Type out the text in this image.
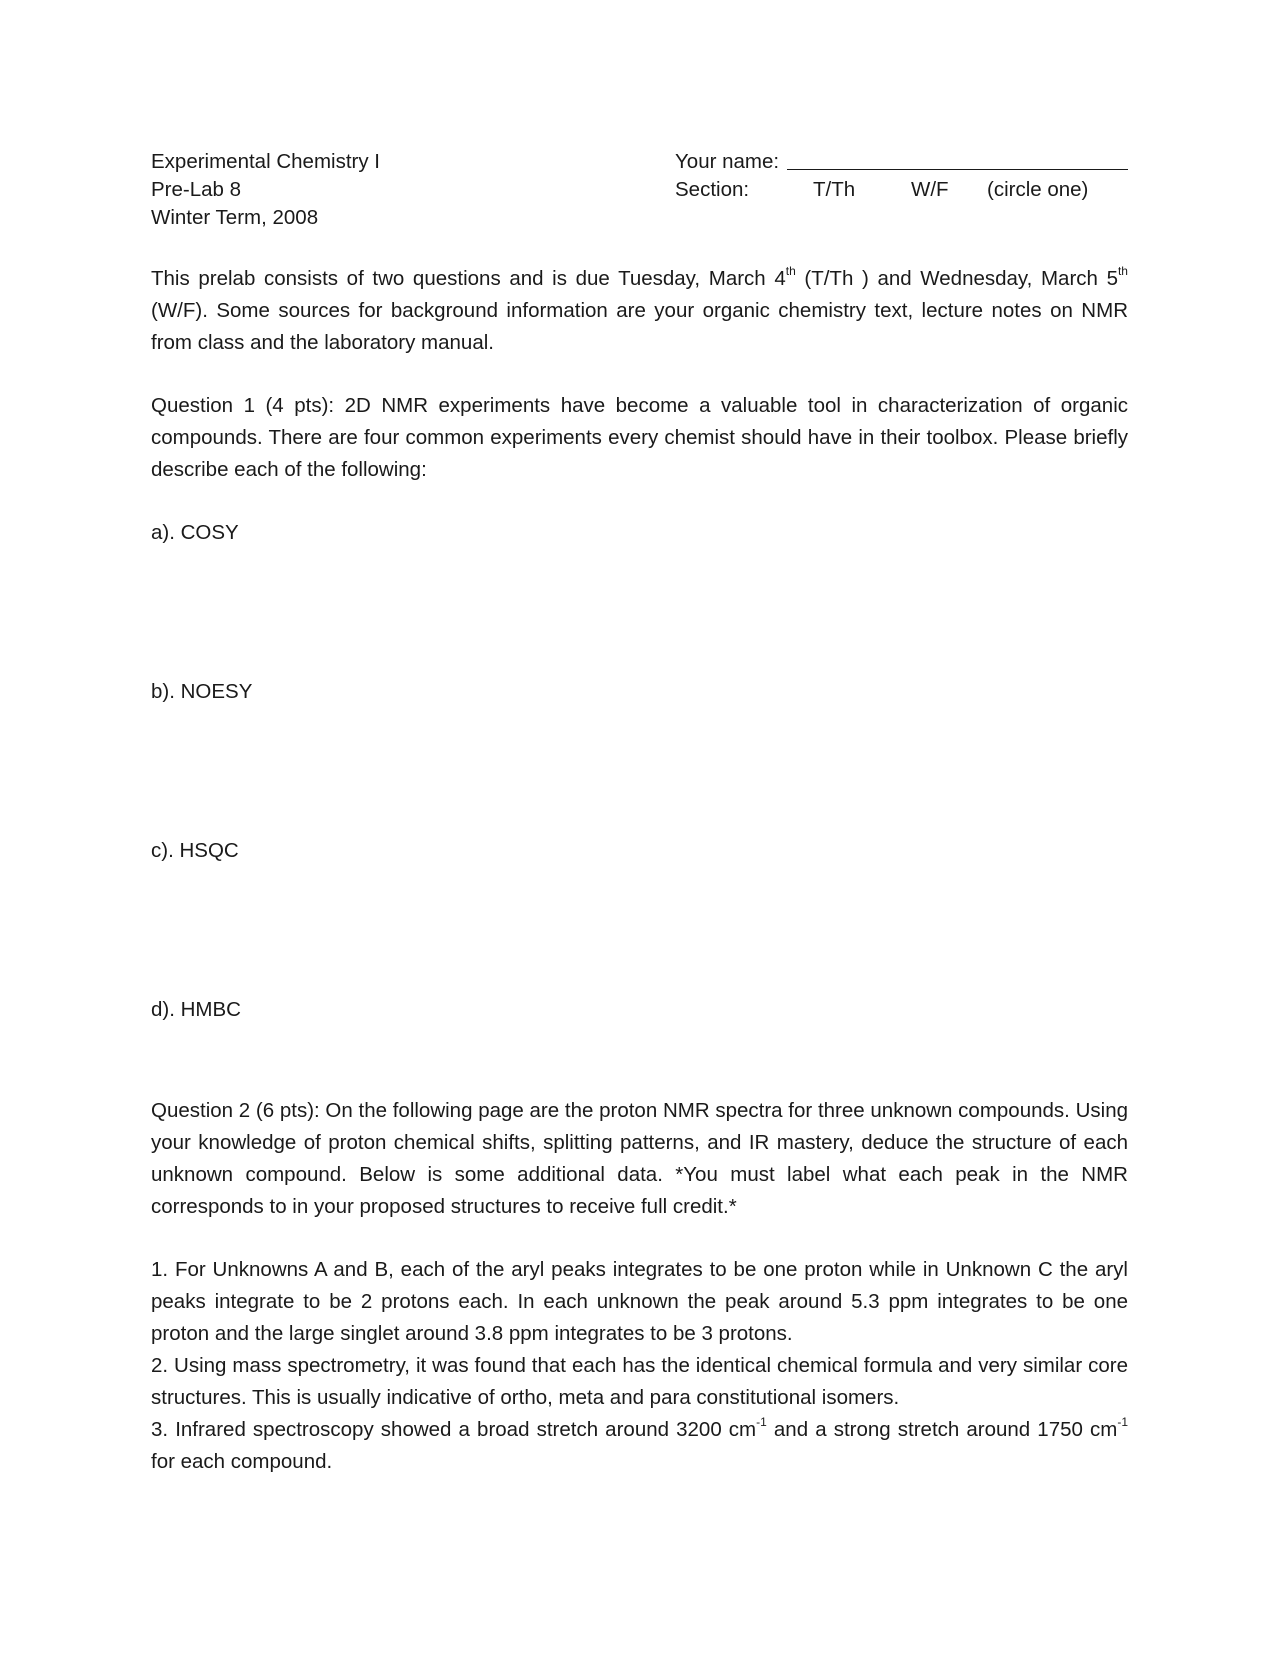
Experimental Chemistry I
Pre-Lab 8
Winter Term, 2008
Your name:
Section:	T/Th	W/F (circle one)

This prelab consists of two questions and is due Tuesday, March 4th (T/Th ) and Wednesday, March 5th (W/F). Some sources for background information are your organic chemistry text, lecture notes on NMR from class and the laboratory manual.

Question 1 (4 pts): 2D NMR experiments have become a valuable tool in characterization of organic compounds. There are four common experiments every chemist should have in their toolbox. Please briefly describe each of the following:

a). COSY

b). NOESY

c). HSQC

d). HMBC

Question 2 (6 pts): On the following page are the proton NMR spectra for three unknown compounds. Using your knowledge of proton chemical shifts, splitting patterns, and IR mastery, deduce the structure of each unknown compound. Below is some additional data. *You must label what each peak in the NMR corresponds to in your proposed structures to receive full credit.*

1. For Unknowns A and B, each of the aryl peaks integrates to be one proton while in Unknown C the aryl peaks integrate to be 2 protons each. In each unknown the peak around 5.3 ppm integrates to be one proton and the large singlet around 3.8 ppm integrates to be 3 protons.

2. Using mass spectrometry, it was found that each has the identical chemical formula and very similar core structures. This is usually indicative of ortho, meta and para constitutional isomers.

3. Infrared spectroscopy showed a broad stretch around 3200 $cm^{-1}$ and a strong stretch around 1750 $cm^{-1}$ for each compound.
